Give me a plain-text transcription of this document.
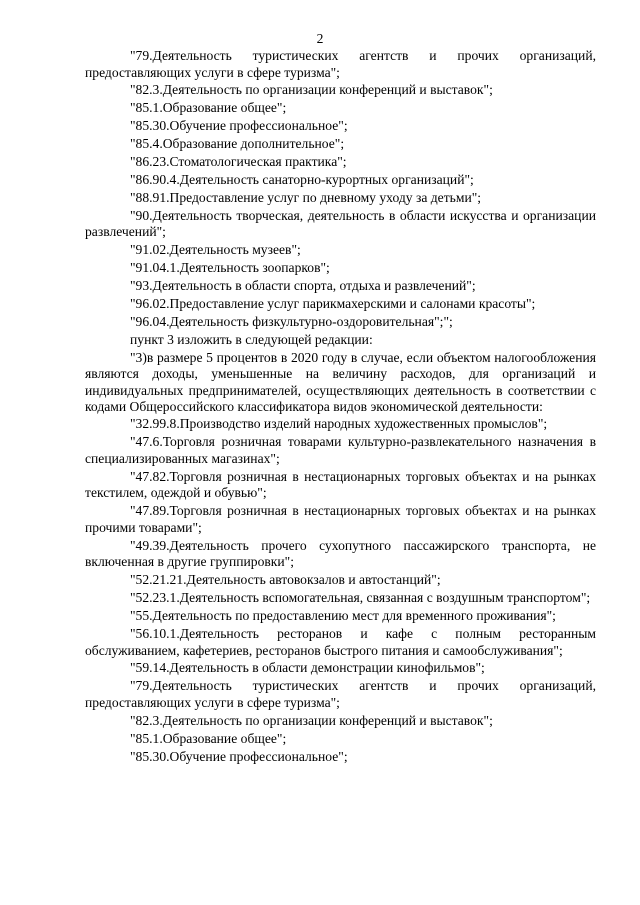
2

"79.Деятельность туристических агентств и прочих организаций, предоставляющих услуги в сфере туризма";

"82.3.Деятельность по организации конференций и выставок";

"85.1.Образование общее";

"85.30.Обучение профессиональное";

"85.4.Образование дополнительное";

"86.23.Стоматологическая практика";

"86.90.4.Деятельность санаторно-курортных организаций";

"88.91.Предоставление услуг по дневному уходу за детьми";

"90.Деятельность творческая, деятельность в области искусства и организации развлечений";

"91.02.Деятельность музеев";

"91.04.1.Деятельность зоопарков";

"93.Деятельность в области спорта, отдыха и развлечений";

"96.02.Предоставление услуг парикмахерскими и салонами красоты";

"96.04.Деятельность физкультурно-оздоровительная";";

пункт 3 изложить в следующей редакции:

"3)в размере 5 процентов в 2020 году в случае, если объектом налогообложения являются доходы, уменьшенные на величину расходов, для организаций и индивидуальных предпринимателей, осуществляющих деятельность в соответствии с кодами Общероссийского классификатора видов экономической деятельности:

"32.99.8.Производство изделий народных художественных промыслов";

"47.6.Торговля розничная товарами культурно-развлекательного назначения в специализированных магазинах";

"47.82.Торговля розничная в нестационарных торговых объектах и на рынках текстилем, одеждой и обувью";

"47.89.Торговля розничная в нестационарных торговых объектах и на рынках прочими товарами";

"49.39.Деятельность прочего сухопутного пассажирского транспорта, не включенная в другие группировки";

"52.21.21.Деятельность автовокзалов и автостанций";

"52.23.1.Деятельность вспомогательная, связанная с воздушным транспортом";

"55.Деятельность по предоставлению мест для временного проживания";

"56.10.1.Деятельность ресторанов и кафе с полным ресторанным обслуживанием, кафетериев, ресторанов быстрого питания и самообслуживания";

"59.14.Деятельность в области демонстрации кинофильмов";

"79.Деятельность туристических агентств и прочих организаций, предоставляющих услуги в сфере туризма";

"82.3.Деятельность по организации конференций и выставок";

"85.1.Образование общее";

"85.30.Обучение профессиональное";
